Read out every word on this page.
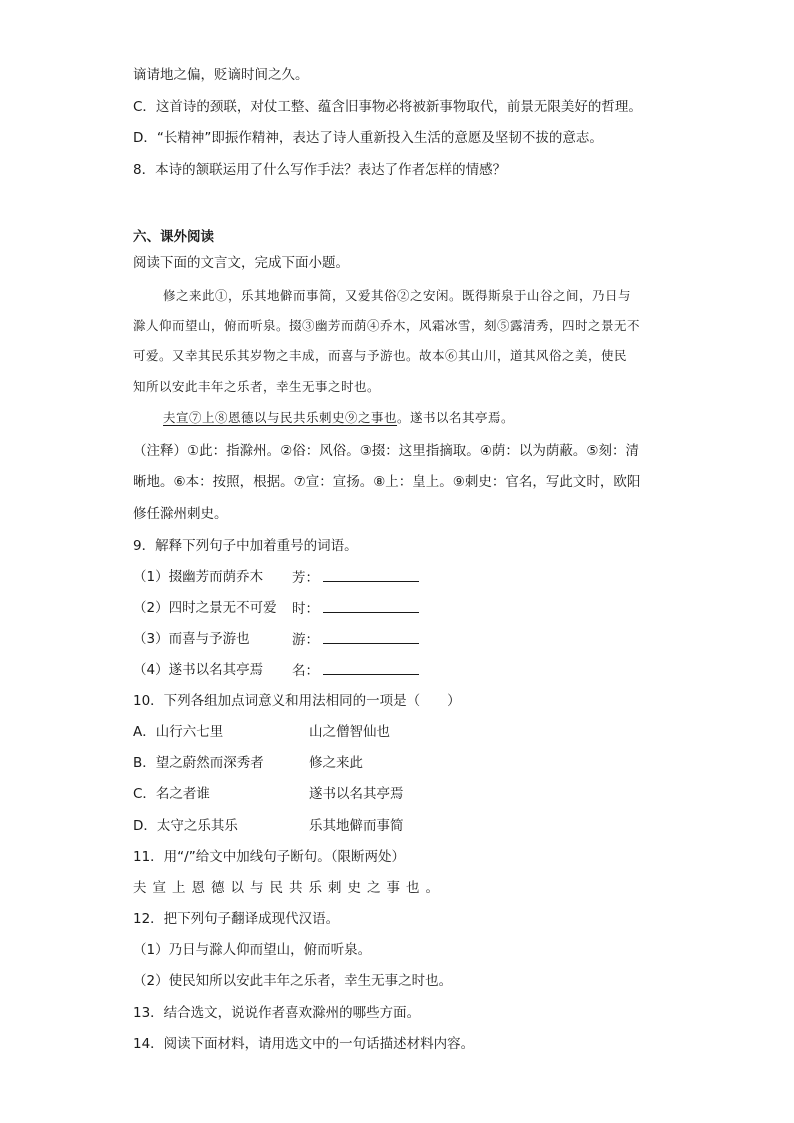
谪请地之偏，贬谪时间之久。
C．这首诗的颈联，对仗工整、蕴含旧事物必将被新事物取代，前景无限美好的哲理。
D．“长精神”即振作精神，表达了诗人重新投入生活的意愿及坚韧不拔的意志。
8．本诗的颔联运用了什么写作手法？表达了作者怎样的情感？
六、课外阅读
阅读下面的文言文，完成下面小题。
修之来此①，乐其地僻而事简，又爱其俗②之安闲。既得斯泉于山谷之间，乃日与
滁人仰而望山，俯而听泉。掇③幽芳而荫④乔木，风霜冰雪，刻⑤露清秀，四时之景无不
可爱。又幸其民乐其岁物之丰成，而喜与予游也。故本⑥其山川，道其风俗之美，使民
知所以安此丰年之乐者，幸生无事之时也。
夫宣⑦上⑧恩德以与民共乐刺史⑨之事也。遂书以名其亭焉。
（注释）①此：指滁州。②俗：风俗。③掇：这里指摘取。④荫：以为荫蔽。⑤刻：清
晰地。⑥本：按照，根据。⑦宣：宣扬。⑧上：皇上。⑨刺史：官名，写此文时，欧阳
修任滁州刺史。
9．解释下列句子中加着重号的词语。
（1）掇幽芳而荫乔木 芳：
（2）四时之景无不可爱 时：
（3）而喜与予游也	游：
（4）遂书以名其亭焉 名：
10．下列各组加点词意义和用法相同的一项是（　　）
A．山行六七里	山之僧智仙也
B．望之蔚然而深秀者	修之来此
C．名之者谁	遂书以名其亭焉
D．太守之乐其乐	乐其地僻而事简
11．用“/”给文中加线句子断句。（限断两处）
夫宣上恩德以与民共乐刺史之事也。
12．把下列句子翻译成现代汉语。
（1）乃日与滁人仰而望山，俯而听泉。
（2）使民知所以安此丰年之乐者，幸生无事之时也。
13．结合选文，说说作者喜欢滁州的哪些方面。
14．阅读下面材料，请用选文中的一句话描述材料内容。
